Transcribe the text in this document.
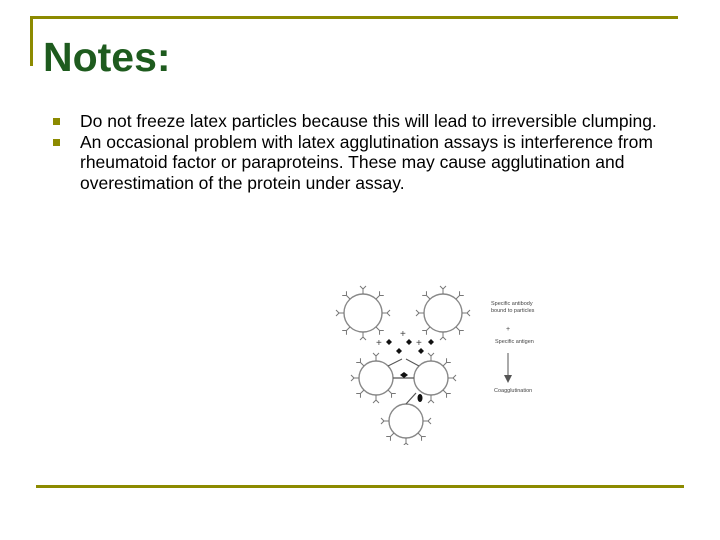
Notes:
Do not freeze latex particles because this will lead to irreversible clumping.
An occasional problem with latex agglutination assays is interference from rheumatoid factor or paraproteins. These may cause agglutination and overestimation of the protein under assay.
+
+	+
Specific antibody
bound to particles
+
Specific antigen
Coagglutination
